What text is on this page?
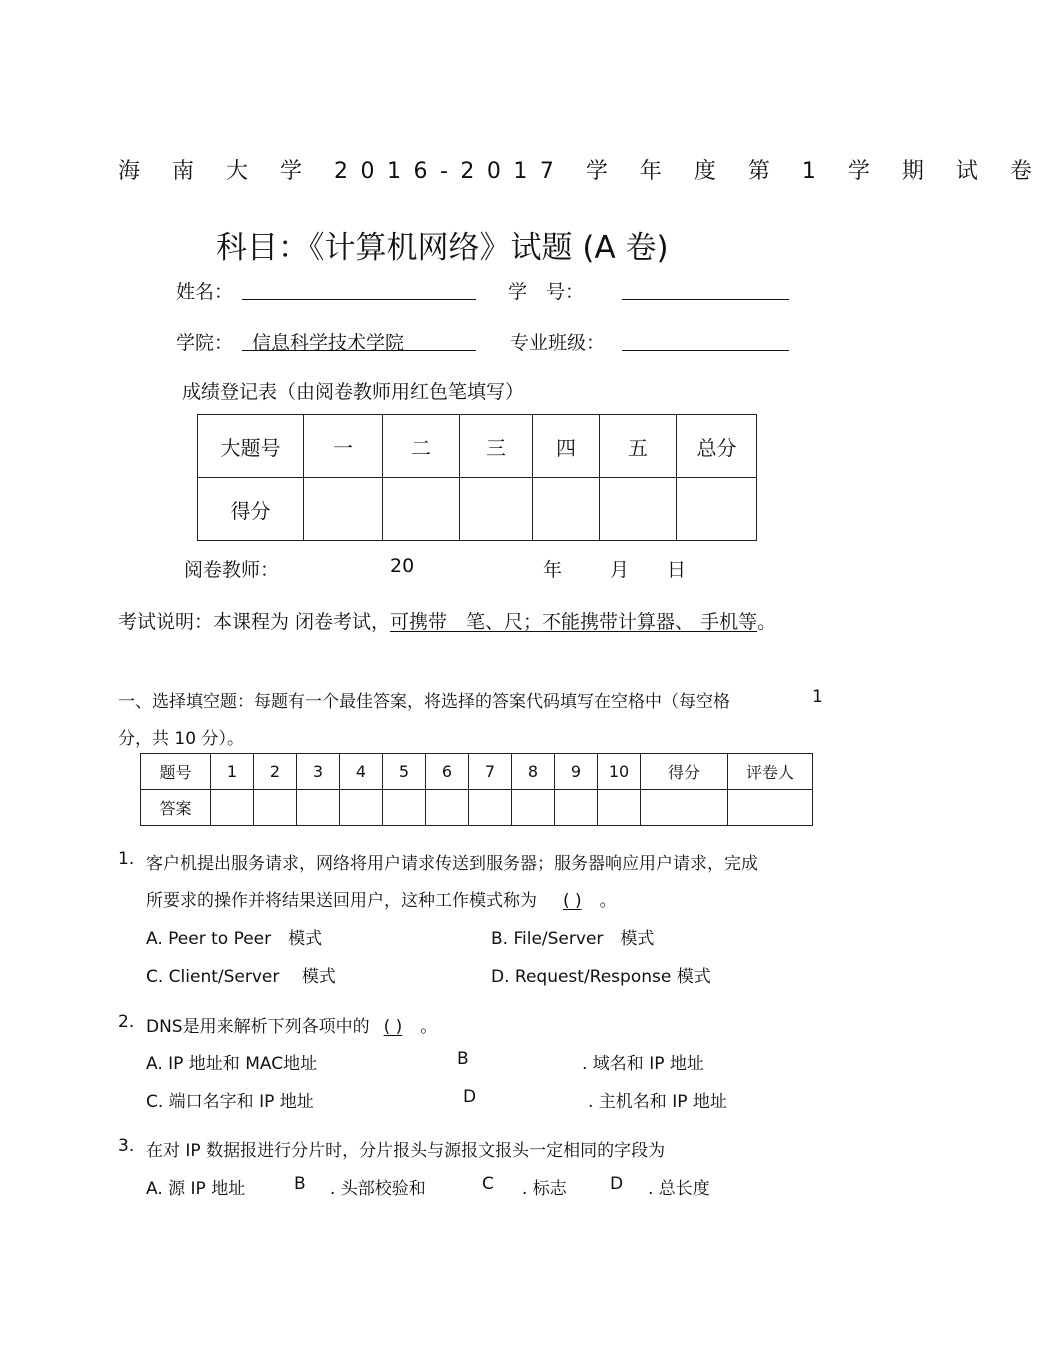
海 南 大 学 2016-2017 学 年 度 第 1 学 期 试 卷
科目：《计算机网络》试题 (A 卷)
姓名：	学　号：
学院： 信息科学技术学院	专业班级：
成绩登记表（由阅卷教师用红色笔填写）
大题号	一	二	三	四	五	总分
得分						
阅卷教师：	20	年	月 日
考试说明：本课程为 闭卷考试，可携带　笔、尺；不能携带计算器、 手机等。
一、选择填空题：每题有一个最佳答案，将选择的答案代码填写在空格中（每空格	1
分，共 10 分）。
题号	1	2	3	4	5	6	7	8	9	10	得分	评卷人
答案												
1. 客户机提出服务请求，网络将用户请求传送到服务器；服务器响应用户请求，完成
所要求的操作并将结果送回用户，这种工作模式称为 ( ) 。
A. Peer to Peer　模式	B. File/Server　模式
C. Client/Server　 模式	D. Request/Response 模式
2. DNS是用来解析下列各项中的 ( ) 。
A. IP 地址和 MAC地址	B	. 域名和 IP 地址
C. 端口名字和 IP 地址	D	. 主机名和 IP 地址
3. 在对 IP 数据报进行分片时，分片报头与源报文报头一定相同的字段为
A. 源 IP 地址	B . 头部校验和	C . 标志	D . 总长度
